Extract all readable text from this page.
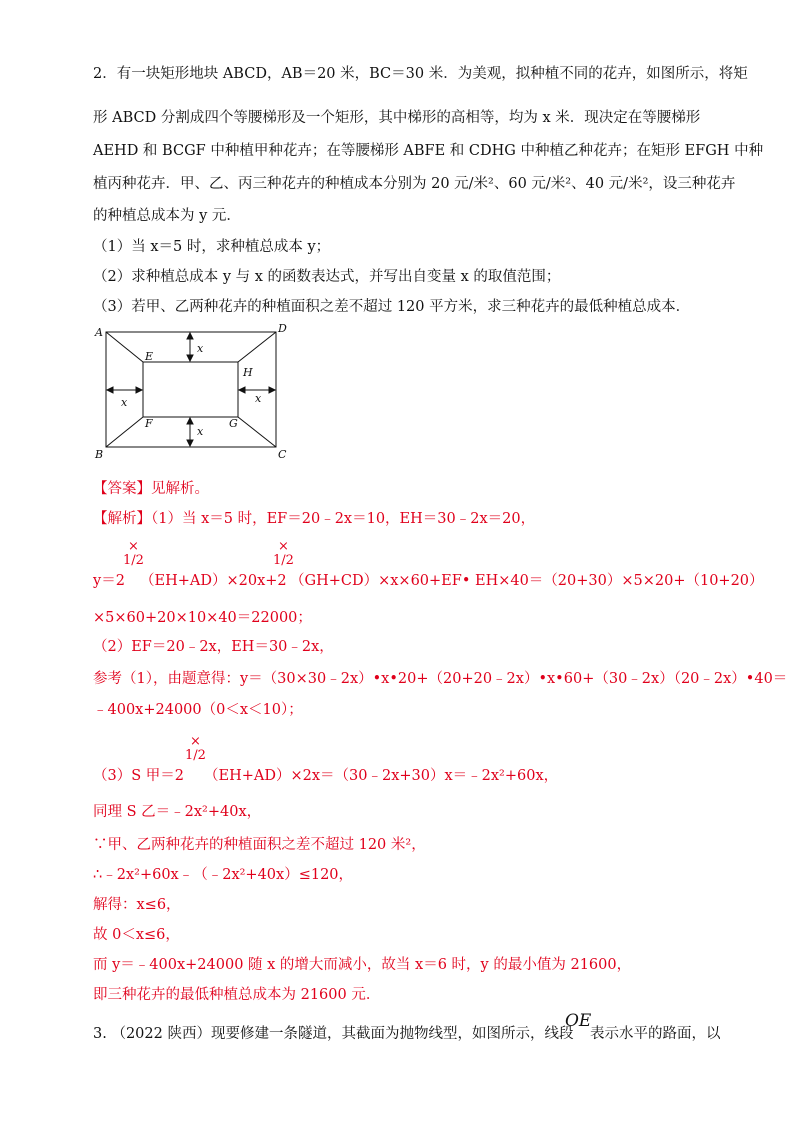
2．有一块矩形地块 ABCD，AB＝20 米，BC＝30 米．为美观，拟种植不同的花卉，如图所示，将矩
形 ABCD 分割成四个等腰梯形及一个矩形，其中梯形的高相等，均为 x 米．现决定在等腰梯形
AEHD 和 BCGF 中种植甲种花卉；在等腰梯形 ABFE 和 CDHG 中种植乙种花卉；在矩形 EFGH 中种
植丙种花卉．甲、乙、丙三种花卉的种植成本分别为 20 元/米²、60 元/米²、40 元/米²，设三种花卉
的种植总成本为 y 元．
（1）当 x＝5 时，求种植总成本 y；
（2）求种植总成本 y 与 x 的函数表达式，并写出自变量 x 的取值范围；
（3）若甲、乙两种花卉的种植面积之差不超过 120 平方米，求三种花卉的最低种植总成本．
A	D
B	C
E
H
F	G
x
x
x	x
【答案】见解析。
【解析】（1）当 x＝5 时，EF＝20﹣2x＝10，EH＝30﹣2x＝20，
×
1/2
×
1/2
y＝2 （EH+AD）×20x+2 （GH+CD）×x×60+EF• EH×40＝（20+30）×5×20+（10+20）
×5×60+20×10×40＝22000；
（2）EF＝20﹣2x，EH＝30﹣2x，
参考（1），由题意得：y＝（30×30﹣2x）•x•20+（20+20﹣2x）•x•60+（30﹣2x）（20﹣2x）•40＝
﹣400x+24000（0＜x＜10）；
×
1/2
（3）S 甲＝2 （EH+AD）×2x＝（30﹣2x+30）x＝﹣2x²+60x，
同理 S 乙＝﹣2x²+40x，
∵甲、乙两种花卉的种植面积之差不超过 120 米²，
∴﹣2x²+60x﹣（﹣2x²+40x）≤120，
解得：x≤6，
故 0＜x≤6，
而 y＝﹣400x+24000 随 x 的增大而减小，故当 x＝6 时，y 的最小值为 21600，
即三种花卉的最低种植总成本为 21600 元．
3. （2022 陕西）现要修建一条隧道，其截面为抛物线型，如图所示，线段
OE
表示水平的路面，以
